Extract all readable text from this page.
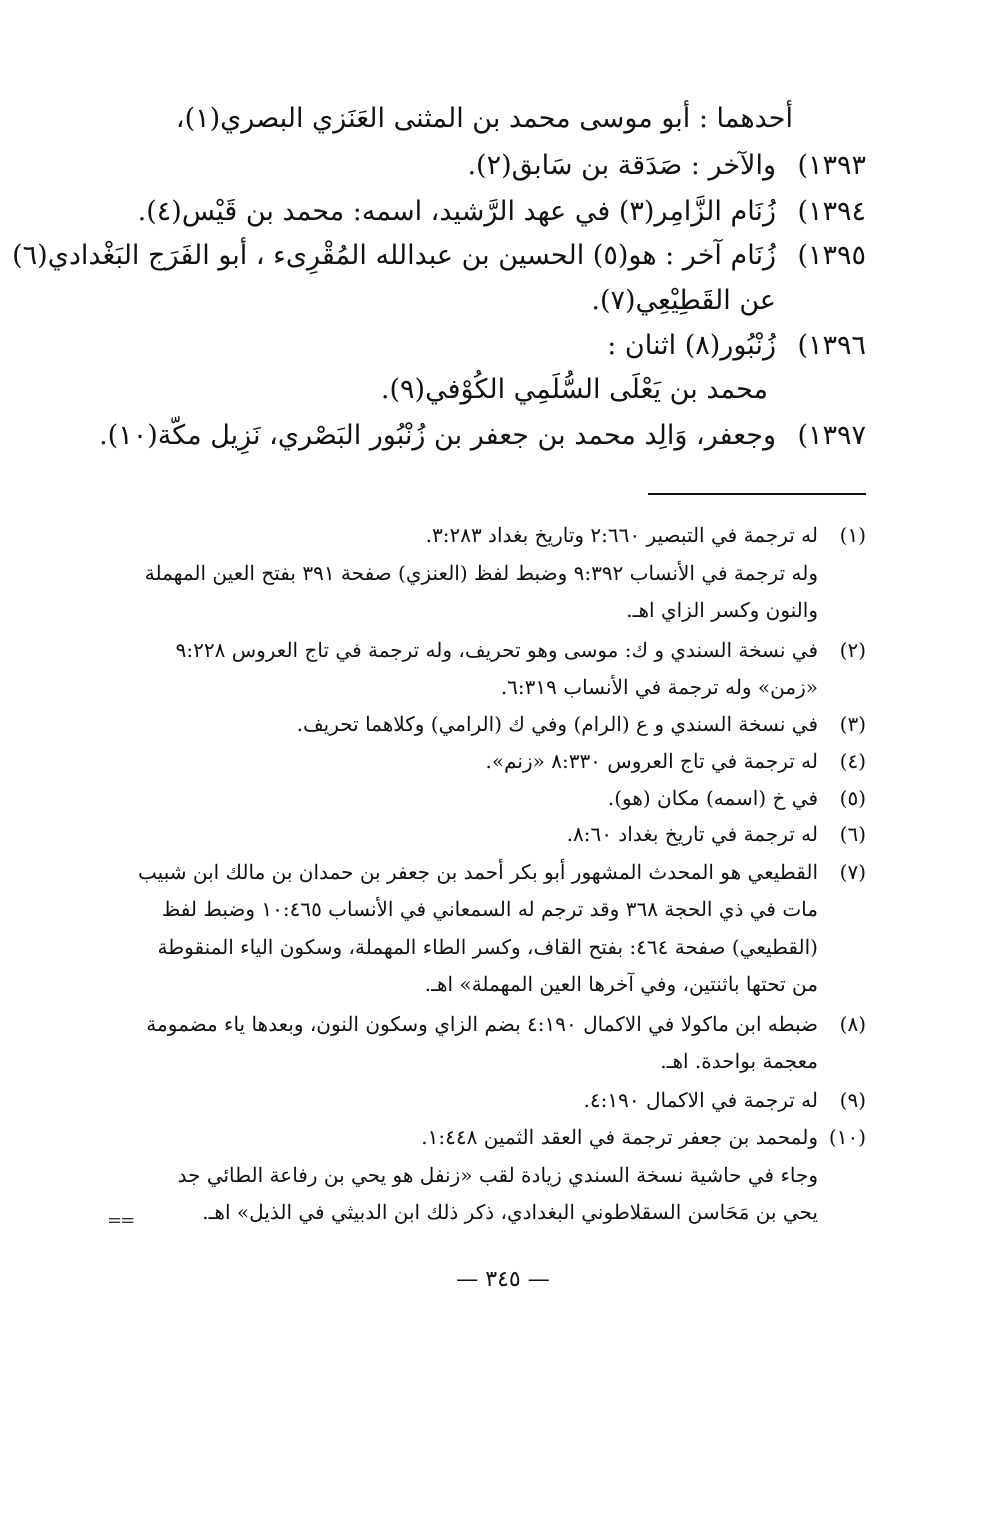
أحدهما : أبو موسى محمد بن المثنى العَنَزي البصري(١)،
١٣٩٣)
والآخر : صَدَقة بن سَابق(٢).
١٣٩٤)
زُنَام الزَّامِر(٣) في عهد الرَّشيد، اسمه: محمد بن قَيْس(٤).
١٣٩٥)
زُنَام آخر : هو(٥) الحسين بن عبدالله المُقْرِىء ، أبو الفَرَج البَغْدادي(٦)
عن القَطِيْعِي(٧).
١٣٩٦)
زُنْبُور(٨) اثنان :
محمد بن يَعْلَى السُّلَمِي الكُوْفي(٩).
١٣٩٧)
وجعفر، وَالِد محمد بن جعفر بن زُنْبُور البَصْري، نَزِيل مكّة(١٠).
(١)
له ترجمة في التبصير ٢:٦٦٠ وتاريخ بغداد ٣:٢٨٣.
وله ترجمة في الأنساب ٩:٣٩٢ وضبط لفظ (العنزي) صفحة ٣٩١ بفتح العين المهملة
والنون وكسر الزاي اهـ.
(٢)
في نسخة السندي و ك: موسى وهو تحريف، وله ترجمة في تاج العروس ٩:٢٢٨
«زمن» وله ترجمة في الأنساب ٦:٣١٩.
(٣)
في نسخة السندي و ع (الرام) وفي ك (الرامي) وكلاهما تحريف.
(٤)
له ترجمة في تاج العروس ٨:٣٣٠ «زنم».
(٥)
في خ (اسمه) مكان (هو).
(٦)
له ترجمة في تاريخ بغداد ٨:٦٠.
(٧)
القطيعي هو المحدث المشهور أبو بكر أحمد بن جعفر بن حمدان بن مالك ابن شبيب
مات في ذي الحجة ٣٦٨ وقد ترجم له السمعاني في الأنساب ١٠:٤٦٥ وضبط لفظ
(القطيعي) صفحة ٤٦٤: بفتح القاف، وكسر الطاء المهملة، وسكون الياء المنقوطة
من تحتها باثنتين، وفي آخرها العين المهملة» اهـ.
(٨)
ضبطه ابن ماكولا في الاكمال ٤:١٩٠ بضم الزاي وسكون النون، وبعدها ياء مضمومة
معجمة بواحدة. اهـ.
(٩)
له ترجمة في الاكمال ٤:١٩٠.
(١٠)
ولمحمد بن جعفر ترجمة في العقد الثمين ١:٤٤٨.
وجاء في حاشية نسخة السندي زيادة لقب «زنفل هو يحي بن رفاعة الطائي جد
يحي بن مَحَاسن السقلاطوني البغدادي، ذكر ذلك ابن الدبيثي في الذيل» اهـ.
==
— ٣٤٥ —
